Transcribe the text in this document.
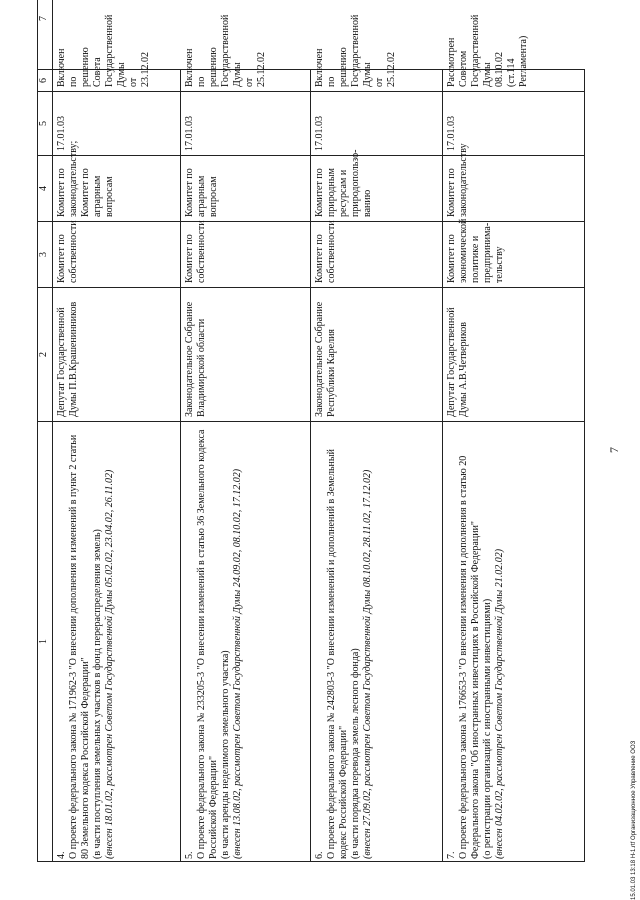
7
1	2	3	4	5	6	7
4. О проекте федерального закона № 171962-3 "О внесении дополнения и изменений в пункт 2 статьи 80 Земельного кодекса Российской Федерации" (в части поступления земельных участков в фонд перераспределения земель) (внесен 18.01.02, рассмотрен Советом Государственной Думы 05.02.02, 23.04.02, 26.11.02)	Депутат Государственной Думы П.В.Крашенинников	Комитет по собственности	Комитет по законодательству; Комитет по аграрным вопросам	17.01.03	Включен по решению Совета Государственной Думы от 23.12.02	
5. О проекте федерального закона № 233205-3 "О внесении изменений в статью 36 Земельного кодекса Российской Федерации" (в части аренды неделимого земельного участка) (внесен 13.08.02, рассмотрен Советом Государственной Думы 24.09.02, 08.10.02, 17.12.02)	Законодательное Собрание Владимирской области	Комитет по собственности	Комитет по аграрным вопросам	17.01.03	Включен по решению Государственной Думы от 25.12.02	
6. О проекте федерального закона № 242803-3 "О внесении изменений и дополнений в Земельный кодекс Российской Федерации" (в части порядка перевода земель лесного фонда) (внесен 27.09.02, рассмотрен Советом Государственной Думы 08.10.02, 28.11.02, 17.12.02)	Законодательное Собрание Республики Карелия	Комитет по собственности	Комитет по природным ресурсам и природопользо-ванию	17.01.03	Включен по решению Государственной Думы от 25.12.02	
7. О проекте федерального закона № 176653-3 "О внесении изменения и дополнения в статью 20 Федерального закона "Об иностранных инвестициях в Российской Федерации" (о регистрации организаций с иностранными инвестициями) (внесен 04.02.02, рассмотрен Советом Государственной Думы 21.02.02)	Депутат Государственной Думы А.В.Четвериков	Комитет по экономической политике и предпринима-тельству	Комитет по законодательству	17.01.03	Рассмотрен Советом Государственной Думы 08.10.02 (ст.114 Регламента)	
15.01.03 13:18 Н-1.rtf Организационное Управление ООЗ
